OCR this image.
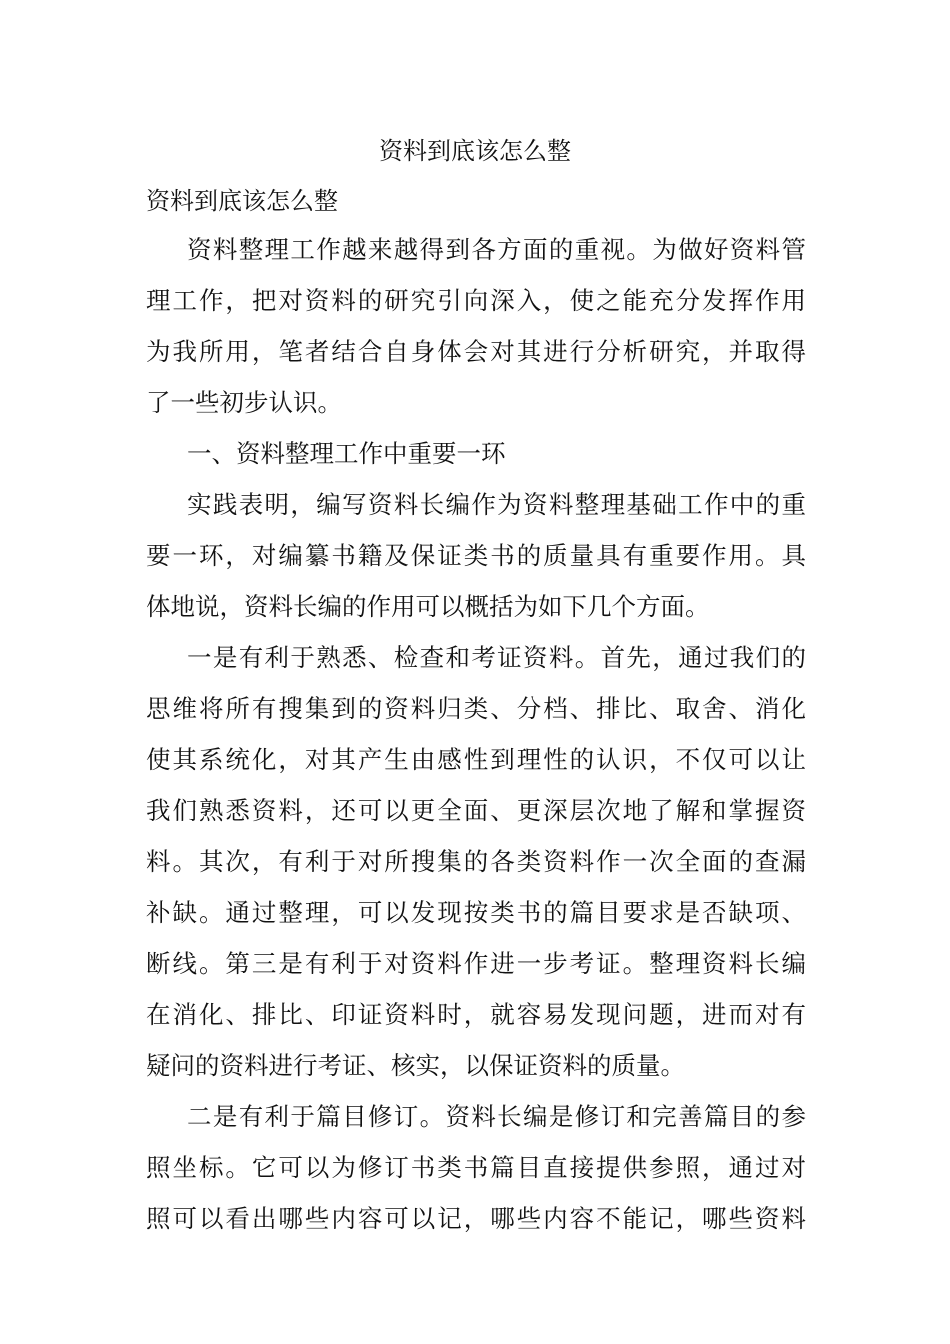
资料到底该怎么整
资料到底该怎么整
资料整理工作越来越得到各方面的重视。为做好资料管
理工作，把对资料的研究引向深入，使之能充分发挥作用
为我所用，笔者结合自身体会对其进行分析研究，并取得
了一些初步认识。
一、资料整理工作中重要一环
实践表明，编写资料长编作为资料整理基础工作中的重
要一环，对编纂书籍及保证类书的质量具有重要作用。具
体地说，资料长编的作用可以概括为如下几个方面。
一是有利于熟悉、检查和考证资料。首先，通过我们的
思维将所有搜集到的资料归类、分档、排比、取舍、消化
使其系统化，对其产生由感性到理性的认识，不仅可以让
我们熟悉资料，还可以更全面、更深层次地了解和掌握资
料。其次，有利于对所搜集的各类资料作一次全面的查漏
补缺。通过整理，可以发现按类书的篇目要求是否缺项、
断线。第三是有利于对资料作进一步考证。整理资料长编
在消化、排比、印证资料时，就容易发现问题，进而对有
疑问的资料进行考证、核实，以保证资料的质量。
二是有利于篇目修订。资料长编是修订和完善篇目的参
照坐标。它可以为修订书类书篇目直接提供参照，通过对
照可以看出哪些内容可以记，哪些内容不能记，哪些资料
